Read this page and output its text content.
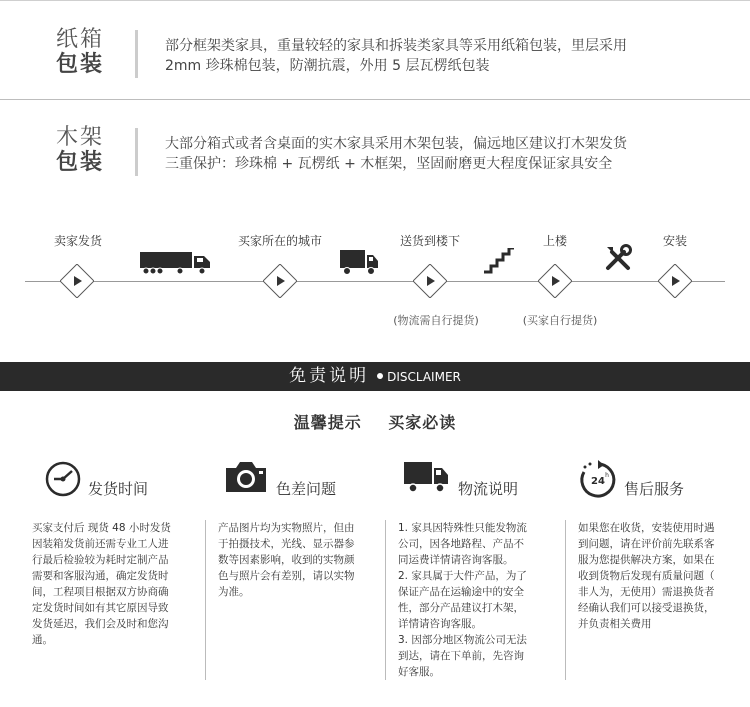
纸箱
包装
部分框架类家具，重量较轻的家具和拆装类家具等采用纸箱包装，里层采用
2mm 珍珠棉包装，防潮抗震，外用 5 层瓦楞纸包装
木架
包装
大部分箱式或者含桌面的实木家具采用木架包装，偏远地区建议打木架发货
三重保护：珍珠棉 + 瓦楞纸 + 木框架，坚固耐磨更大程度保证家具安全
卖家发货	买家所在的城市	送货到楼下	上楼	安装
(物流需自行提货)	(买家自行提货)
免责说明 DISCLAIMER
温馨提示 买家必读
发货时间

买家支付后 现货 48 小时发货

因装箱发货前还需专业工人进

行最后检验较为耗时定制产品

需要和客服沟通，确定发货时

间，工程项目根据双方协商确

定发货时间如有其它原因导致

发货延迟，我们会及时和您沟

通。

色差问题

产品图片均为实物照片，但由

于拍摄技术，光线、显示器参

数等因素影响，收到的实物颜

色与照片会有差别，请以实物

为准。

物流说明

1. 家具因特殊性只能发物流

公司，因各地路程、产品不

同运费详情请咨询客服。

2. 家具属于大件产品，为了

保证产品在运输途中的安全

性，部分产品建议打木架，

详情请咨询客服。

3. 因部分地区物流公司无法

到达，请在下单前，先咨询

好客服。

24
h
售后服务

如果您在收货，安装使用时遇

到问题，请在评价前先联系客

服为您提供解决方案，如果在

收到货物后发现有质量问题（

非人为，无使用）需退换货者

经确认我们可以接受退换货，

并负责相关费用
